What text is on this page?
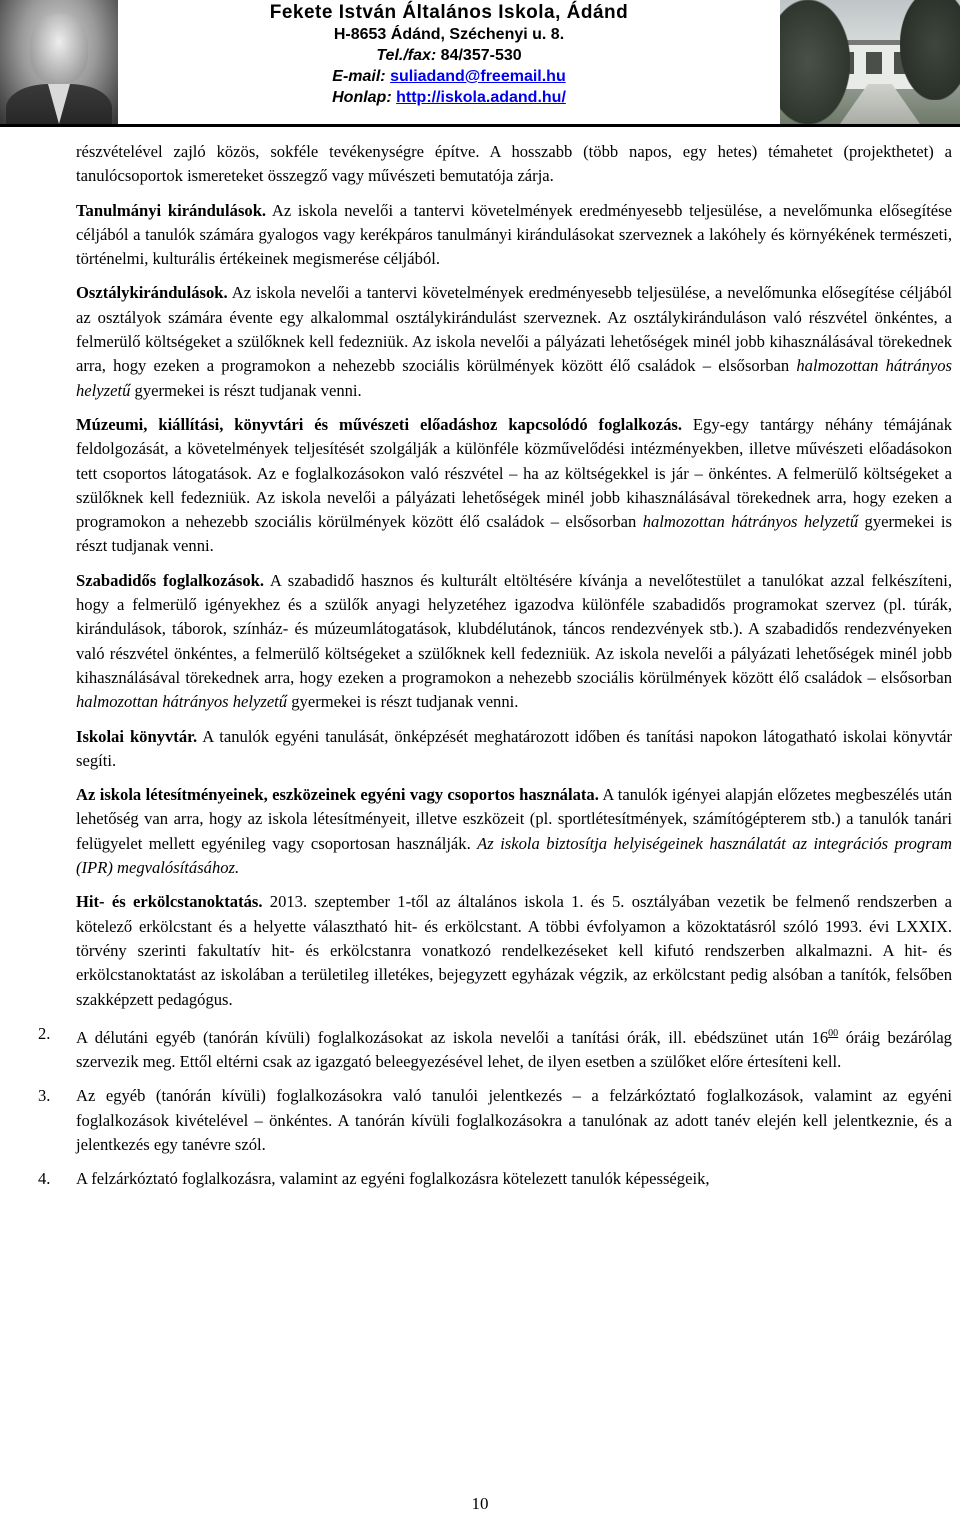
Fekete István Általános Iskola, Ádánd
H-8653 Ádánd, Széchenyi u. 8.
Tel./fax: 84/357-530
E-mail: suliadand@freemail.hu
Honlap: http://iskola.adand.hu/

részvételével zajló közös, sokféle tevékenységre építve. A hosszabb (több napos, egy hetes) témahetet (projekthetet) a tanulócsoportok ismereteket összegző vagy művészeti bemutatója zárja.

Tanulmányi kirándulások. Az iskola nevelői a tantervi követelmények eredményesebb teljesülése, a nevelőmunka elősegítése céljából a tanulók számára gyalogos vagy kerékpáros tanulmányi kirándulásokat szerveznek a lakóhely és környékének természeti, történelmi, kulturális értékeinek megismerése céljából.

Osztálykirándulások. Az iskola nevelői a tantervi követelmények eredményesebb teljesülése, a nevelőmunka elősegítése céljából az osztályok számára évente egy alkalommal osztálykirándulást szerveznek. Az osztálykiránduláson való részvétel önkéntes, a felmerülő költségeket a szülőknek kell fedezniük. Az iskola nevelői a pályázati lehetőségek minél jobb kihasználásával törekednek arra, hogy ezeken a programokon a nehezebb szociális körülmények között élő családok – elsősorban halmozottan hátrányos helyzetű gyermekei is részt tudjanak venni.

Múzeumi, kiállítási, könyvtári és művészeti előadáshoz kapcsolódó foglalkozás. Egy-egy tantárgy néhány témájának feldolgozását, a követelmények teljesítését szolgálják a különféle közművelődési intézményekben, illetve művészeti előadásokon tett csoportos látogatások. Az e foglalkozásokon való részvétel – ha az költségekkel is jár – önkéntes. A felmerülő költségeket a szülőknek kell fedezniük. Az iskola nevelői a pályázati lehetőségek minél jobb kihasználásával törekednek arra, hogy ezeken a programokon a nehezebb szociális körülmények között élő családok – elsősorban halmozottan hátrányos helyzetű gyermekei is részt tudjanak venni.

Szabadidős foglalkozások. A szabadidő hasznos és kulturált eltöltésére kívánja a nevelőtestület a tanulókat azzal felkészíteni, hogy a felmerülő igényekhez és a szülők anyagi helyzetéhez igazodva különféle szabadidős programokat szervez (pl. túrák, kirándulások, táborok, színház- és múzeumlátogatások, klubdélutánok, táncos rendezvények stb.). A szabadidős rendezvényeken való részvétel önkéntes, a felmerülő költségeket a szülőknek kell fedezniük. Az iskola nevelői a pályázati lehetőségek minél jobb kihasználásával törekednek arra, hogy ezeken a programokon a nehezebb szociális körülmények között élő családok – elsősorban halmozottan hátrányos helyzetű gyermekei is részt tudjanak venni.

Iskolai könyvtár. A tanulók egyéni tanulását, önképzését meghatározott időben és tanítási napokon látogatható iskolai könyvtár segíti.

Az iskola létesítményeinek, eszközeinek egyéni vagy csoportos használata. A tanulók igényei alapján előzetes megbeszélés után lehetőség van arra, hogy az iskola létesítményeit, illetve eszközeit (pl. sportlétesítmények, számítógépterem stb.) a tanulók tanári felügyelet mellett egyénileg vagy csoportosan használják. Az iskola biztosítja helyiségeinek használatát az integrációs program (IPR) megvalósításához.

Hit- és erkölcstanoktatás. 2013. szeptember 1-től az általános iskola 1. és 5. osztályában vezetik be felmenő rendszerben a kötelező erkölcstant és a helyette választható hit- és erkölcstant. A többi évfolyamon a közoktatásról szóló 1993. évi LXXIX. törvény szerinti fakultatív hit- és erkölcstanra vonatkozó rendelkezéseket kell kifutó rendszerben alkalmazni. A hit- és erkölcstanoktatást az iskolában a területileg illetékes, bejegyzett egyházak végzik, az erkölcstant pedig alsóban a tanítók, felsőben szakképzett pedagógus.

2. A délutáni egyéb (tanórán kívüli) foglalkozásokat az iskola nevelői a tanítási órák, ill. ebédszünet után $16^{00}$ óráig bezárólag szervezik meg. Ettől eltérni csak az igazgató beleegyezésével lehet, de ilyen esetben a szülőket előre értesíteni kell.
3. Az egyéb (tanórán kívüli) foglalkozásokra való tanulói jelentkezés – a felzárkóztató foglalkozások, valamint az egyéni foglalkozások kivételével – önkéntes. A tanórán kívüli foglalkozásokra a tanulónak az adott tanév elején kell jelentkeznie, és a jelentkezés egy tanévre szól.
4. A felzárkóztató foglalkozásra, valamint az egyéni foglalkozásra kötelezett tanulók képességeik,
10
